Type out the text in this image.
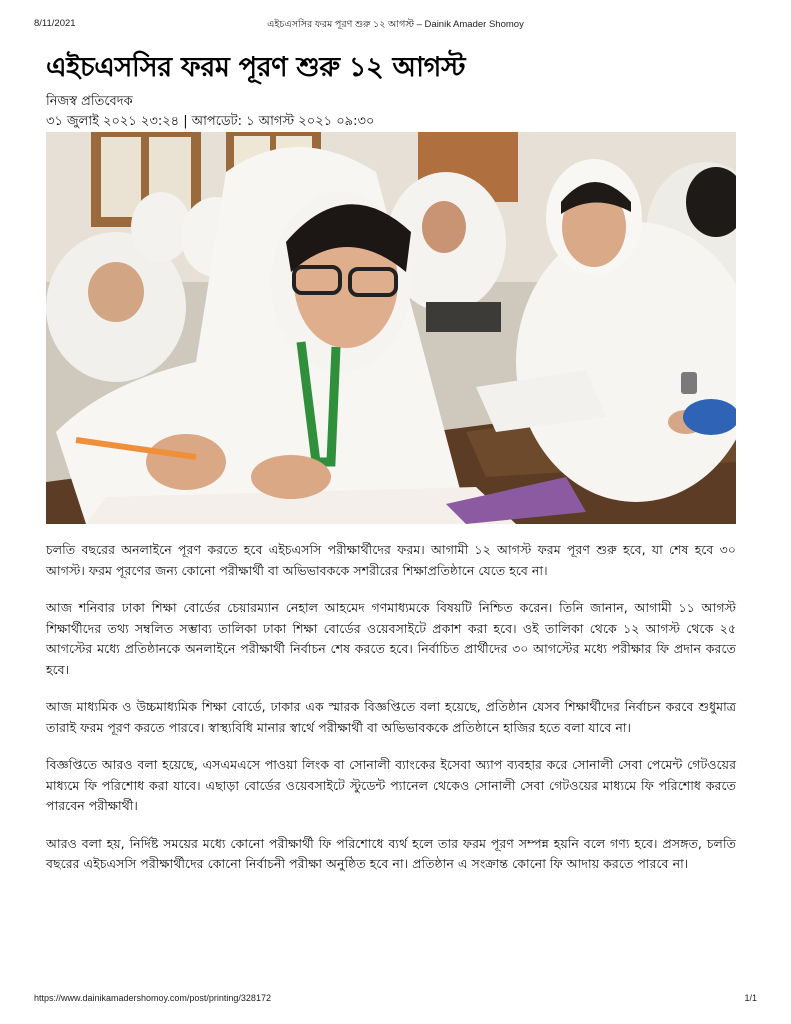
8/11/2021	এইচএসসির ফরম পূরণ শুরু ১২ আগস্ট – Dainik Amader Shomoy
এইচএসসির ফরম পূরণ শুরু ১২ আগস্ট
নিজস্ব প্রতিবেদক
৩১ জুলাই ২০২১ ২৩:২৪ | আপডেট: ১ আগস্ট ২০২১ ০৯:৩০

চলতি বছরের অনলাইনে পূরণ করতে হবে এইচএসসি পরীক্ষার্থীদের ফরম। আগামী ১২ আগস্ট ফরম পূরণ শুরু হবে, যা শেষ হবে ৩০ আগস্ট। ফরম পূরণের জন্য কোনো পরীক্ষার্থী বা অভিভাবককে সশরীরের শিক্ষাপ্রতিষ্ঠানে যেতে হবে না।

আজ শনিবার ঢাকা শিক্ষা বোর্ডের চেয়ারম্যান নেহাল আহমেদ গণমাধ্যমকে বিষয়টি নিশ্চিত করেন। তিনি জানান, আগামী ১১ আগস্ট শিক্ষার্থীদের তথ্য সম্বলিত সম্ভাব্য তালিকা ঢাকা শিক্ষা বোর্ডের ওয়েবসাইটে প্রকাশ করা হবে। ওই তালিকা থেকে ১২ আগস্ট থেকে ২৫ আগস্টের মধ্যে প্রতিষ্ঠানকে অনলাইনে পরীক্ষার্থী নির্বাচন শেষ করতে হবে। নির্বাচিত প্রার্থীদের ৩০ আগস্টের মধ্যে পরীক্ষার ফি প্রদান করতে হবে।

আজ মাধ্যমিক ও উচ্চমাধ্যমিক শিক্ষা বোর্ডে, ঢাকার এক স্মারক বিজ্ঞপ্তিতে বলা হয়েছে, প্রতিষ্ঠান যেসব শিক্ষার্থীদের নির্বাচন করবে শুধুমাত্র তারাই ফরম পূরণ করতে পারবে। স্বাস্থ্যবিধি মানার স্বার্থে পরীক্ষার্থী বা অভিভাবককে প্রতিষ্ঠানে হাজির হতে বলা যাবে না।

বিজ্ঞপ্তিতে আরও বলা হয়েছে, এসএমএসে পাওয়া লিংক বা সোনালী ব্যাংকের ইসেবা অ্যাপ ব্যবহার করে সোনালী সেবা পেমেন্ট গেটওয়ের মাধ্যমে ফি পরিশোধ করা যাবে। এছাড়া বোর্ডের ওয়েবসাইটে স্টুডেন্ট প্যানেল থেকেও সোনালী সেবা গেটওয়ের মাধ্যমে ফি পরিশোধ করতে পারবেন পরীক্ষার্থী।

আরও বলা হয়, নির্দিষ্ট সময়ের মধ্যে কোনো পরীক্ষার্থী ফি পরিশোধে ব্যর্থ হলে তার ফরম পূরণ সম্পন্ন হয়নি বলে গণ্য হবে। প্রসঙ্গত, চলতি বছরের এইচএসসি পরীক্ষার্থীদের কোনো নির্বাচনী পরীক্ষা অনুষ্ঠিত হবে না। প্রতিষ্ঠান এ সংক্রান্ত কোনো ফি আদায় করতে পারবে না।

https://www.dainikamadershomoy.com/post/printing/328172	1/1
